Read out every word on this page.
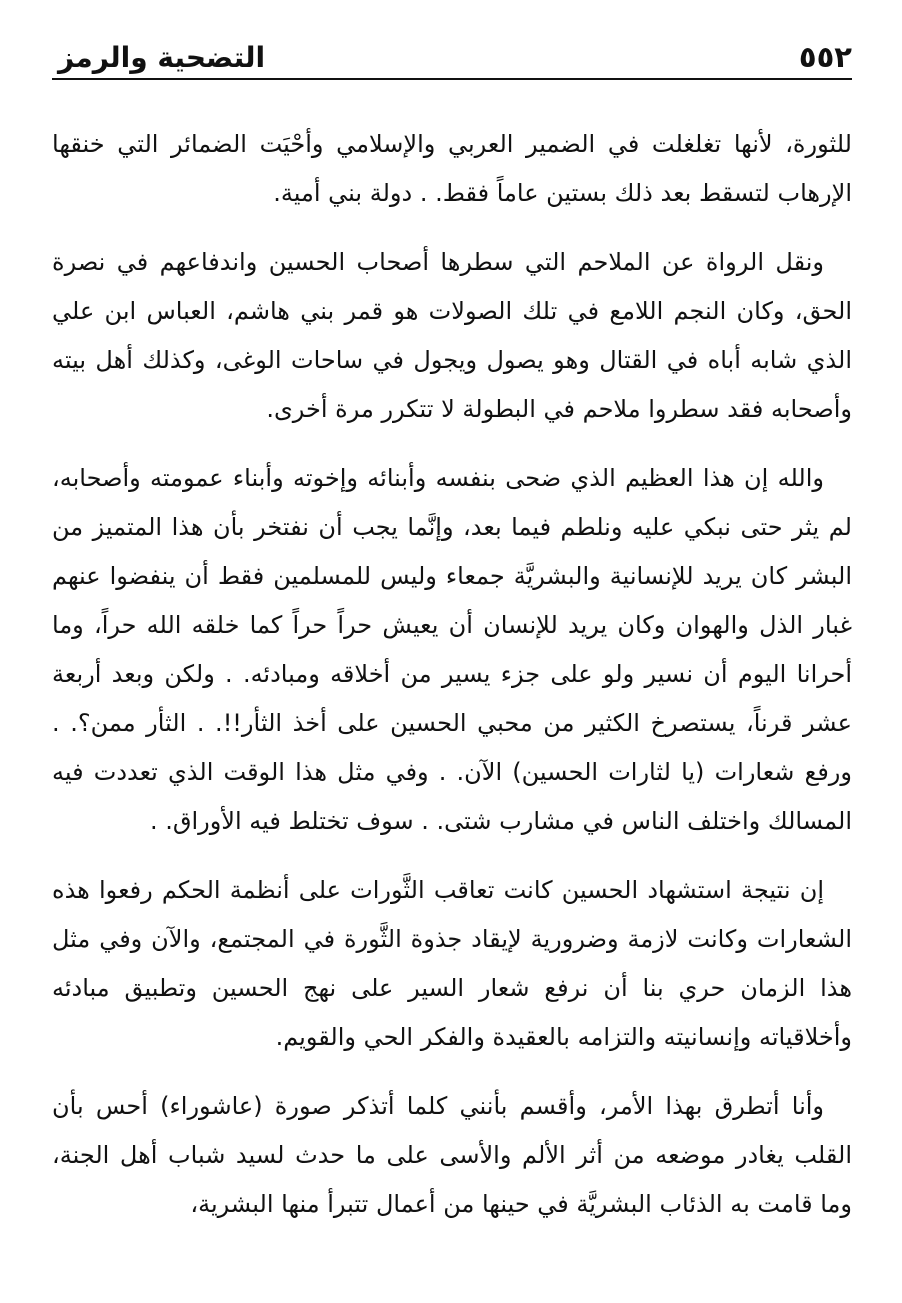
٥٥٢
التضحية والرمز

للثورة، لأنها تغلغلت في الضمير العربي والإسلامي وأحْيَت الضمائر التي خنقها الإرهاب لتسقط بعد ذلك بستين عاماً فقط. . دولة بني أمية.

ونقل الرواة عن الملاحم التي سطرها أصحاب الحسين واندفاعهم في نصرة الحق، وكان النجم اللامع في تلك الصولات هو قمر بني هاشم، العباس ابن علي الذي شابه أباه في القتال وهو يصول ويجول في ساحات الوغى، وكذلك أهل بيته وأصحابه فقد سطروا ملاحم في البطولة لا تتكرر مرة أخرى.

والله إن هذا العظيم الذي ضحى بنفسه وأبنائه وإخوته وأبناء عمومته وأصحابه، لم يثر حتى نبكي عليه ونلطم فيما بعد، وإنَّما يجب أن نفتخر بأن هذا المتميز من البشر كان يريد للإنسانية والبشريَّة جمعاء وليس للمسلمين فقط أن ينفضوا عنهم غبار الذل والهوان وكان يريد للإنسان أن يعيش حراً حراً كما خلقه الله حراً، وما أحرانا اليوم أن نسير ولو على جزء يسير من أخلاقه ومبادئه. . ولكن وبعد أربعة عشر قرناً، يستصرخ الكثير من محبي الحسين على أخذ الثأر!!. . الثأر ممن؟. . ورفع شعارات (يا لثارات الحسين) الآن. . وفي مثل هذا الوقت الذي تعددت فيه المسالك واختلف الناس في مشارب شتى. . سوف تختلط فيه الأوراق. .

إن نتيجة استشهاد الحسين كانت تعاقب الثَّورات على أنظمة الحكم رفعوا هذه الشعارات وكانت لازمة وضرورية لإيقاد جذوة الثَّورة في المجتمع، والآن وفي مثل هذا الزمان حري بنا أن نرفع شعار السير على نهج الحسين وتطبيق مبادئه وأخلاقياته وإنسانيته والتزامه بالعقيدة والفكر الحي والقويم.

وأنا أتطرق بهذا الأمر، وأقسم بأنني كلما أتذكر صورة (عاشوراء) أحس بأن القلب يغادر موضعه من أثر الألم والأسى على ما حدث لسيد شباب أهل الجنة، وما قامت به الذئاب البشريَّة في حينها من أعمال تتبرأ منها البشرية،
